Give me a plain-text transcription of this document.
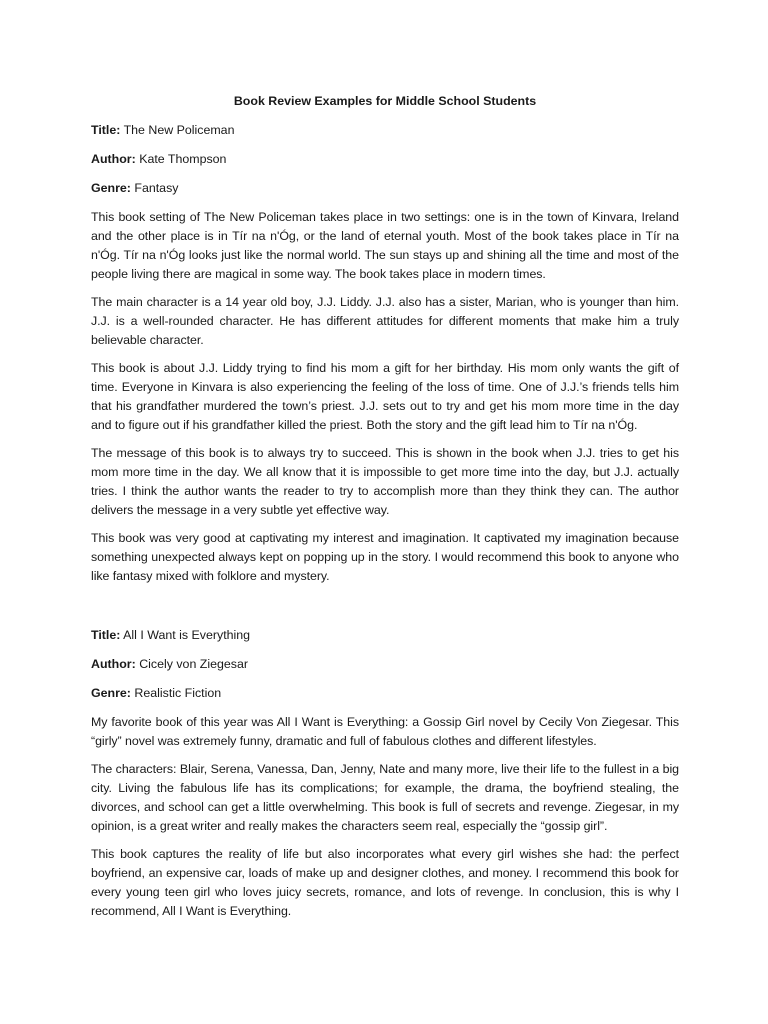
Book Review Examples for Middle School Students
Title: The New Policeman
Author: Kate Thompson
Genre: Fantasy

This book setting of The New Policeman takes place in two settings: one is in the town of Kinvara, Ireland and the other place is in Tír na n'Óg, or the land of eternal youth. Most of the book takes place in Tír na n'Óg. Tír na n'Óg looks just like the normal world. The sun stays up and shining all the time and most of the people living there are magical in some way. The book takes place in modern times.

The main character is a 14 year old boy, J.J. Liddy. J.J. also has a sister, Marian, who is younger than him. J.J. is a well-rounded character. He has different attitudes for different moments that make him a truly believable character.

This book is about J.J. Liddy trying to find his mom a gift for her birthday. His mom only wants the gift of time. Everyone in Kinvara is also experiencing the feeling of the loss of time. One of J.J.’s friends tells him that his grandfather murdered the town’s priest. J.J. sets out to try and get his mom more time in the day and to figure out if his grandfather killed the priest. Both the story and the gift lead him to Tír na n'Óg.

The message of this book is to always try to succeed. This is shown in the book when J.J. tries to get his mom more time in the day. We all know that it is impossible to get more time into the day, but J.J. actually tries. I think the author wants the reader to try to accomplish more than they think they can. The author delivers the message in a very subtle yet effective way.

This book was very good at captivating my interest and imagination. It captivated my imagination because something unexpected always kept on popping up in the story. I would recommend this book to anyone who like fantasy mixed with folklore and mystery.

Title: All I Want is Everything
Author: Cicely von Ziegesar
Genre: Realistic Fiction

My favorite book of this year was All I Want is Everything: a Gossip Girl novel by Cecily Von Ziegesar. This “girly” novel was extremely funny, dramatic and full of fabulous clothes and different lifestyles.

The characters: Blair, Serena, Vanessa, Dan, Jenny, Nate and many more, live their life to the fullest in a big city. Living the fabulous life has its complications; for example, the drama, the boyfriend stealing, the divorces, and school can get a little overwhelming. This book is full of secrets and revenge. Ziegesar, in my opinion, is a great writer and really makes the characters seem real, especially the “gossip girl”.

This book captures the reality of life but also incorporates what every girl wishes she had: the perfect boyfriend, an expensive car, loads of make up and designer clothes, and money. I recommend this book for every young teen girl who loves juicy secrets, romance, and lots of revenge. In conclusion, this is why I recommend, All I Want is Everything.
